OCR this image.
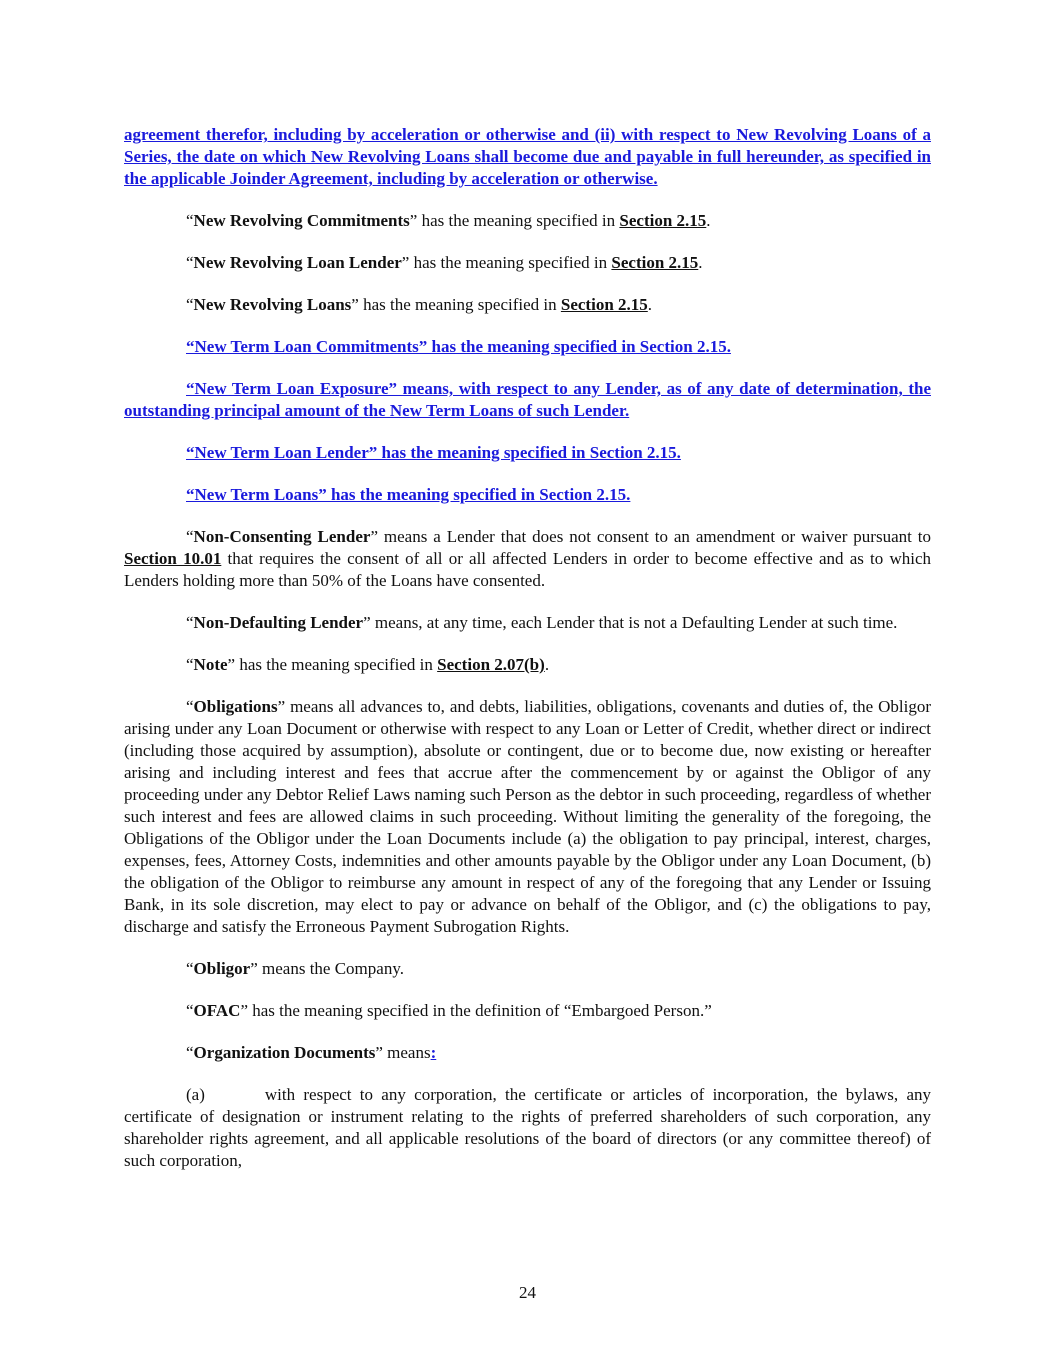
agreement therefor, including by acceleration or otherwise and (ii) with respect to New Revolving Loans of a Series, the date on which New Revolving Loans shall become due and payable in full hereunder, as specified in the applicable Joinder Agreement, including by acceleration or otherwise.

“New Revolving Commitments” has the meaning specified in Section 2.15.

“New Revolving Loan Lender” has the meaning specified in Section 2.15.

“New Revolving Loans” has the meaning specified in Section 2.15.

“New Term Loan Commitments” has the meaning specified in Section 2.15.

“New Term Loan Exposure” means, with respect to any Lender, as of any date of determination, the outstanding principal amount of the New Term Loans of such Lender.

“New Term Loan Lender” has the meaning specified in Section 2.15.

“New Term Loans” has the meaning specified in Section 2.15.

“Non-Consenting Lender” means a Lender that does not consent to an amendment or waiver pursuant to Section 10.01 that requires the consent of all or all affected Lenders in order to become effective and as to which Lenders holding more than 50% of the Loans have consented.

“Non-Defaulting Lender” means, at any time, each Lender that is not a Defaulting Lender at such time.

“Note” has the meaning specified in Section 2.07(b).

“Obligations” means all advances to, and debts, liabilities, obligations, covenants and duties of, the Obligor arising under any Loan Document or otherwise with respect to any Loan or Letter of Credit, whether direct or indirect (including those acquired by assumption), absolute or contingent, due or to become due, now existing or hereafter arising and including interest and fees that accrue after the commencement by or against the Obligor of any proceeding under any Debtor Relief Laws naming such Person as the debtor in such proceeding, regardless of whether such interest and fees are allowed claims in such proceeding. Without limiting the generality of the foregoing, the Obligations of the Obligor under the Loan Documents include (a) the obligation to pay principal, interest, charges, expenses, fees, Attorney Costs, indemnities and other amounts payable by the Obligor under any Loan Document, (b) the obligation of the Obligor to reimburse any amount in respect of any of the foregoing that any Lender or Issuing Bank, in its sole discretion, may elect to pay or advance on behalf of the Obligor, and (c) the obligations to pay, discharge and satisfy the Erroneous Payment Subrogation Rights.

“Obligor” means the Company.

“OFAC” has the meaning specified in the definition of “Embargoed Person.”

“Organization Documents” means:

(a)	with respect to any corporation, the certificate or articles of incorporation, the bylaws, any certificate of designation or instrument relating to the rights of preferred shareholders of such corporation, any shareholder rights agreement, and all applicable resolutions of the board of directors (or any committee thereof) of such corporation,

24
